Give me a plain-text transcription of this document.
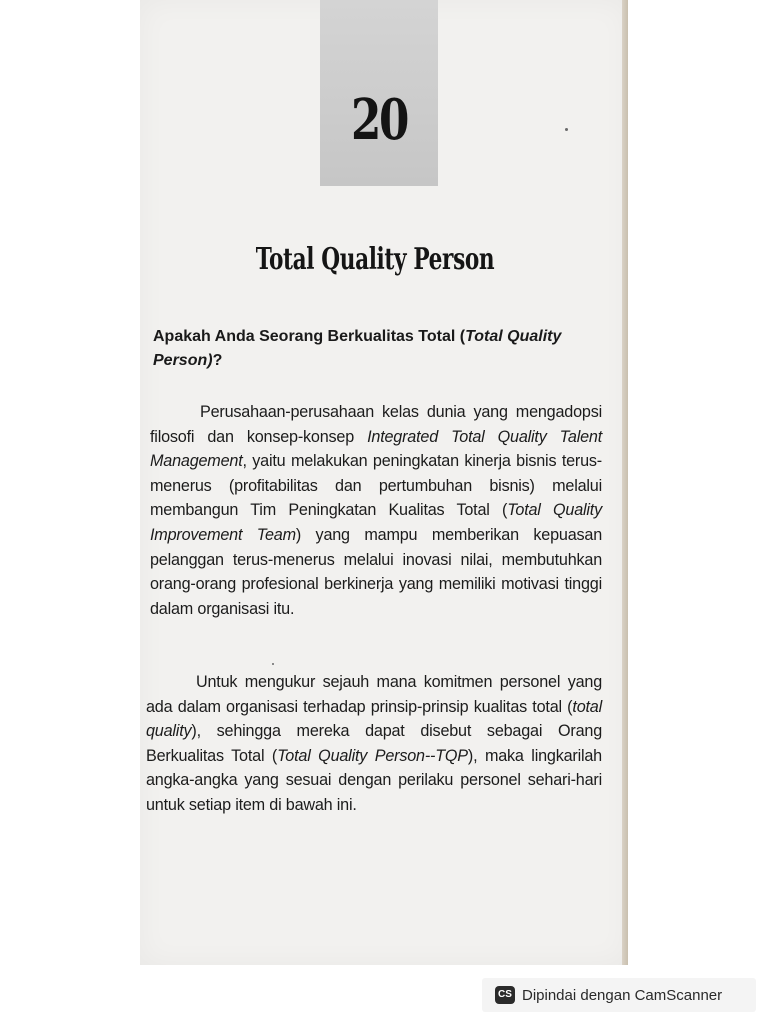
20
Total Quality Person
Apakah Anda Seorang Berkualitas Total (Total Quality Person)?
Perusahaan-perusahaan kelas dunia yang mengadopsi filosofi dan konsep-konsep Integrated Total Quality Talent Management, yaitu melakukan peningkatan kinerja bisnis terus-menerus (profitabilitas dan pertumbuhan bisnis) melalui membangun Tim Peningkatan Kualitas Total (Total Quality Improvement Team) yang mampu memberikan kepuasan pelanggan terus-menerus melalui inovasi nilai, membutuhkan orang-orang profesional berkinerja yang memiliki motivasi tinggi dalam organisasi itu.
Untuk mengukur sejauh mana komitmen personel yang ada dalam organisasi terhadap prinsip-prinsip kualitas total (total quality), sehingga mereka dapat disebut sebagai Orang Berkualitas Total (Total Quality Person--TQP), maka lingkarilah angka-angka yang sesuai dengan perilaku personel sehari-hari untuk setiap item di bawah ini.
CS Dipindai dengan CamScanner
